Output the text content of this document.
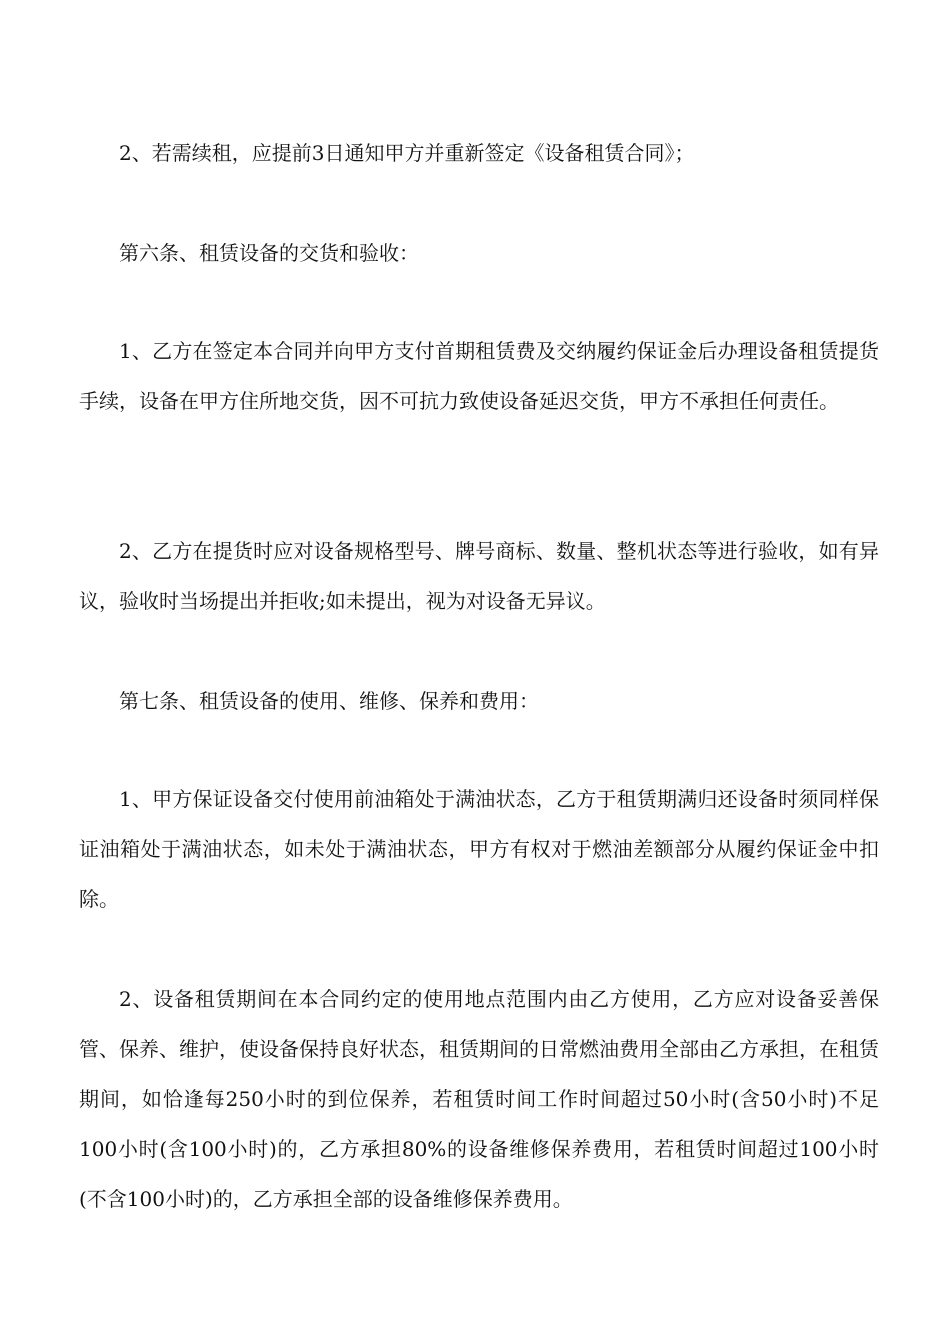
2、若需续租，应提前3日通知甲方并重新签定《设备租赁合同》；

第六条、租赁设备的交货和验收：

1、乙方在签定本合同并向甲方支付首期租赁费及交纳履约保证金后办理设备租赁提货手续，设备在甲方住所地交货，因不可抗力致使设备延迟交货，甲方不承担任何责任。

2、乙方在提货时应对设备规格型号、牌号商标、数量、整机状态等进行验收，如有异议，验收时当场提出并拒收;如未提出，视为对设备无异议。

第七条、租赁设备的使用、维修、保养和费用：

1、甲方保证设备交付使用前油箱处于满油状态，乙方于租赁期满归还设备时须同样保证油箱处于满油状态，如未处于满油状态，甲方有权对于燃油差额部分从履约保证金中扣除。

2、设备租赁期间在本合同约定的使用地点范围内由乙方使用，乙方应对设备妥善保管、保养、维护，使设备保持良好状态，租赁期间的日常燃油费用全部由乙方承担，在租赁期间，如恰逢每250小时的到位保养，若租赁时间工作时间超过50小时(含50小时)不足100小时(含100小时)的，乙方承担80%的设备维修保养费用，若租赁时间超过100小时(不含100小时)的，乙方承担全部的设备维修保养费用。
